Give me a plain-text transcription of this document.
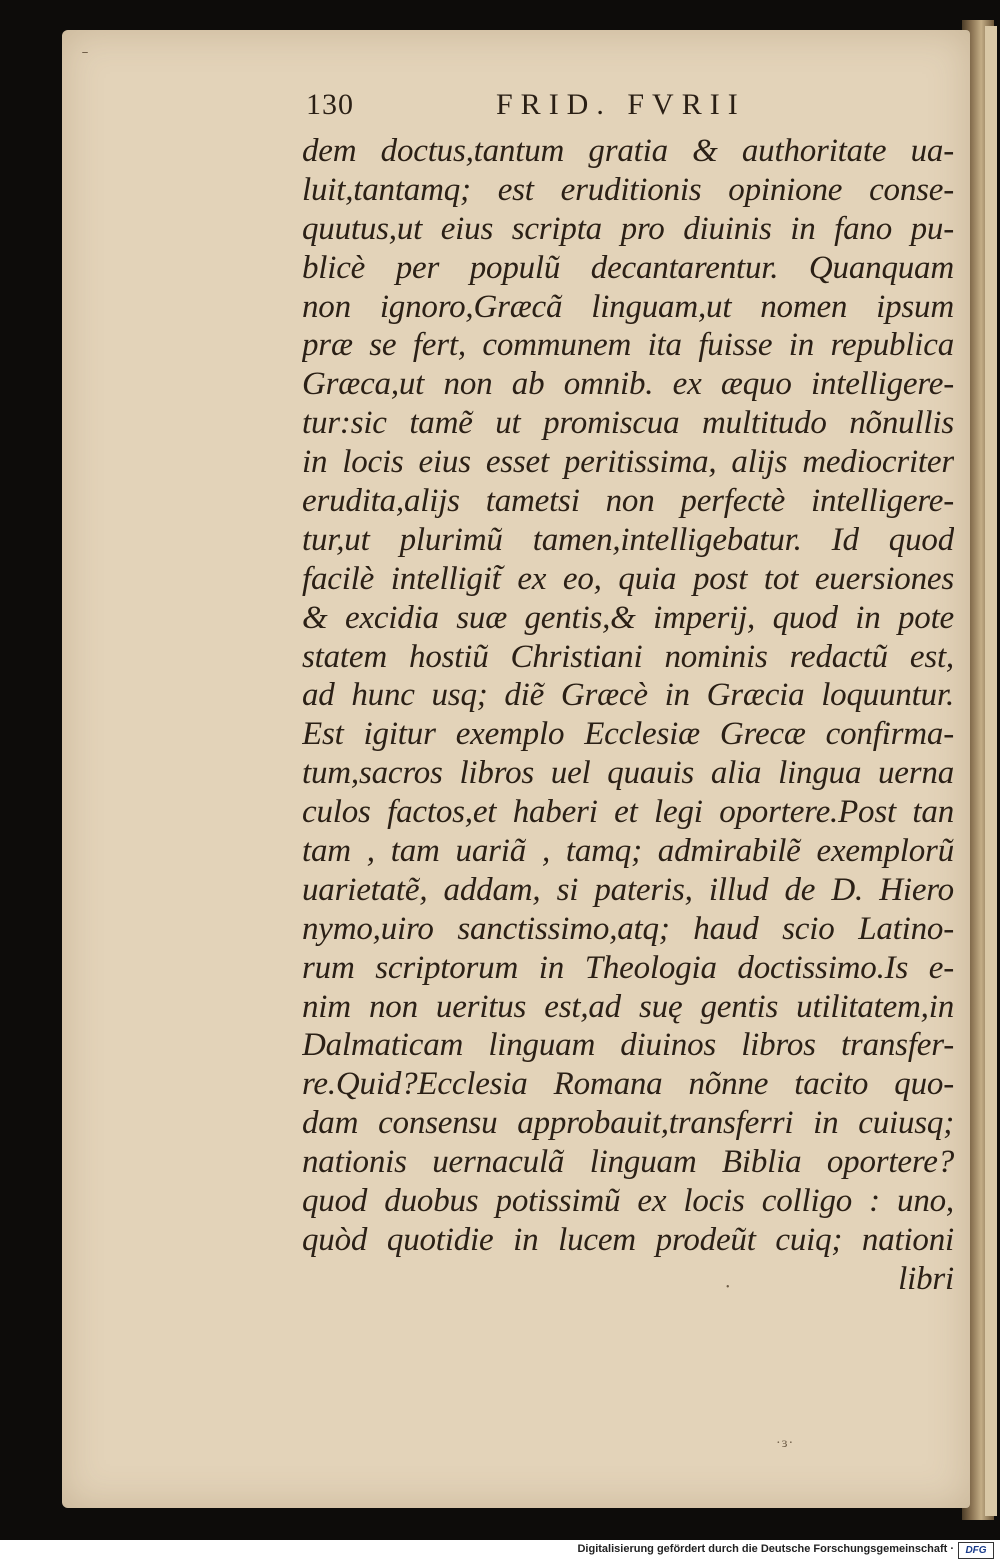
˗
·ɜ·
•
130	FRID. FVRII
dem doctus,tantum gratia & authoritate ua-
luit,tantamq; est eruditionis opinione conse-
quutus,ut eius scripta pro diuinis in fano pu-
blicè per populũ decantarentur. Quanquam
non ignoro,Græcã linguam,ut nomen ipsum
præ se fert, communem ita fuisse in republica
Græca,ut non ab omnib. ex æquo intelligere-
tur:sic tamẽ ut promiscua multitudo nõnullis
in locis eius esset peritissima, alijs mediocriter
erudita,alijs tametsi non perfectè intelligere-
tur,ut plurimũ tamen,intelligebatur. Id quod
facilè intelligit̃ ex eo, quia post tot euersiones
& excidia suæ gentis,& imperij, quod in pote
statem hostiũ Christiani nominis redactũ est,
ad hunc usq; diẽ Græcè in Græcia loquuntur.
Est igitur exemplo Ecclesiæ Grecæ confirma-
tum,sacros libros uel quauis alia lingua uerna
culos factos,et haberi et legi oportere.Post tan
tam , tam uariã , tamq; admirabilẽ exemplorũ
uarietatẽ, addam, si pateris, illud de D. Hiero
nymo,uiro sanctissimo,atq; haud scio Latino-
rum scriptorum in Theologia doctissimo.Is e-
nim non ueritus est,ad suę gentis utilitatem,in
Dalmaticam linguam diuinos libros transfer-
re.Quid?Ecclesia Romana nõnne tacito quo-
dam consensu approbauit,transferri in cuiusq;
nationis uernaculã linguam Biblia oportere?
quod duobus potissimũ ex locis colligo : uno,
quòd quotidie in lucem prodeũt cuiq; nationi
libri
Digitalisierung gefördert durch die Deutsche Forschungsgemeinschaft ·	DFG
